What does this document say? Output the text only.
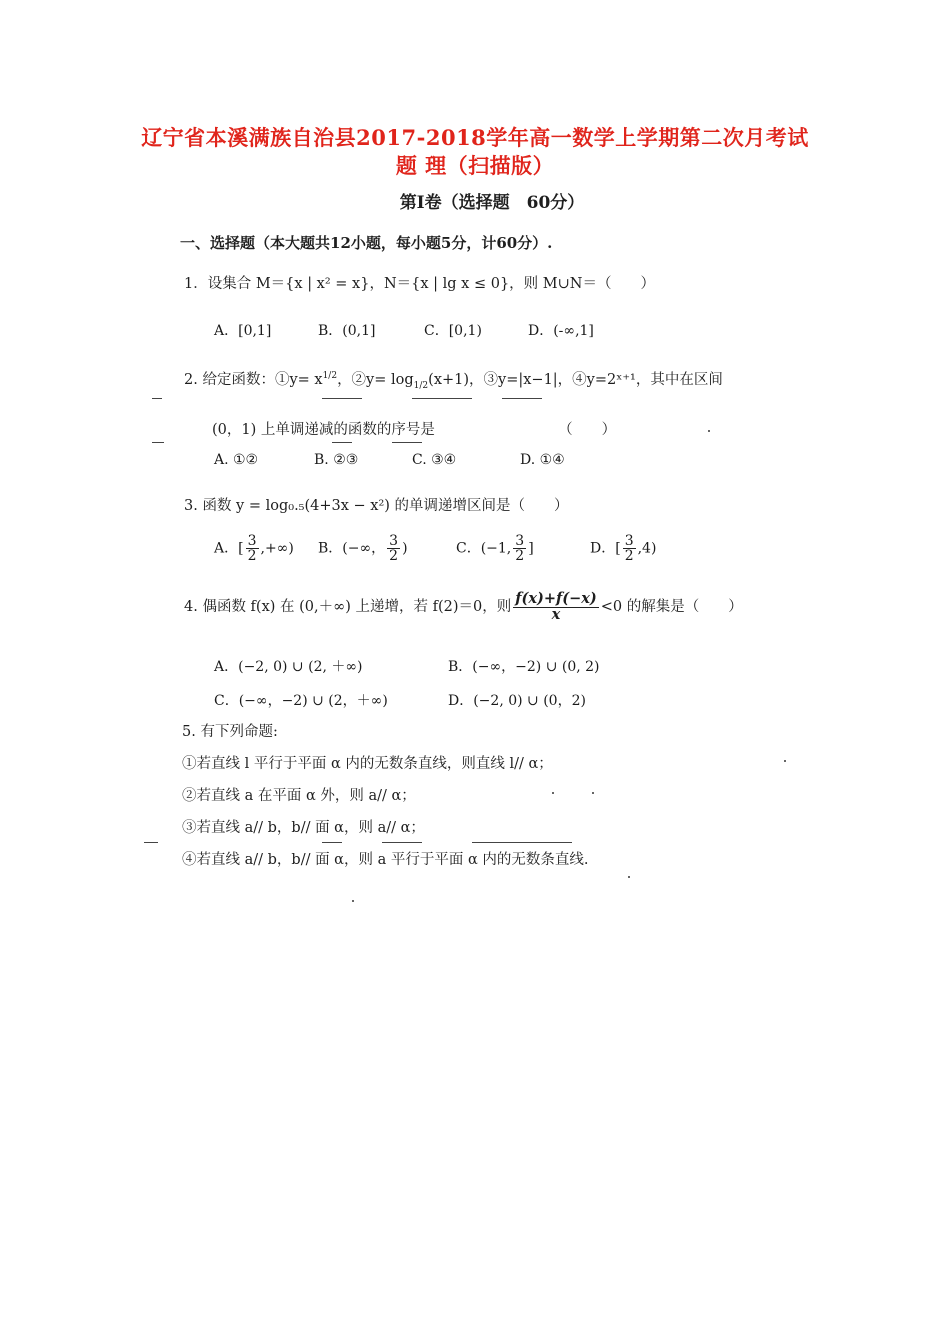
辽宁省本溪满族自治县2017-2018学年高一数学上学期第二次月考试
题 理（扫描版）
第Ⅰ卷（选择题　60分）
一、选择题（本大题共12小题，每小题5分，计60分）.
1．设集合 M＝{x | x² = x}，N＝{x | lg x ≤ 0}，则 M∪N＝（　　）
A．[0,1]	B．(0,1]	C．[0,1)	D．(-∞,1]
2. 给定函数：①y= $x^{1/2}$，②y= $\log_{1/2}(x+1)$，③y=|x−1|，④y=2ˣ⁺¹，其中在区间
(0，1) 上单调递减的函数的序号是　　　　　　　　　（　　）
A. ①②	B. ②③	C. ③④	D. ①④
3. 函数 y = log₀.₅(4+3x − x²) 的单调递增区间是（　　）
A．[ $\frac{3}{2}$ ,+∞) B．(−∞， $\frac{3}{2}$ )	C．(−1, $\frac{3}{2}$ ]	D．[ $\frac{3}{2} ,4$)
4. 偶函数 f(x) 在 (0,＋∞) 上递增，若 f(2)＝0，则 $\frac{f(x)+f(-x)}{x} <0$ 的解集是（　　）
A．(−2, 0) ∪ (2, ＋∞)	B．(−∞，−2) ∪ (0, 2)
C．(−∞，−2) ∪ (2，＋∞)	D．(−2, 0) ∪ (0，2)
5. 有下列命题:
①若直线 l 平行于平面 α 内的无数条直线，则直线 l// α；
②若直线 a 在平面 α 外，则 a// α；
③若直线 a// b，b// 面 α，则 a// α；
④若直线 a// b，b// 面 α，则 a 平行于平面 α 内的无数条直线.
